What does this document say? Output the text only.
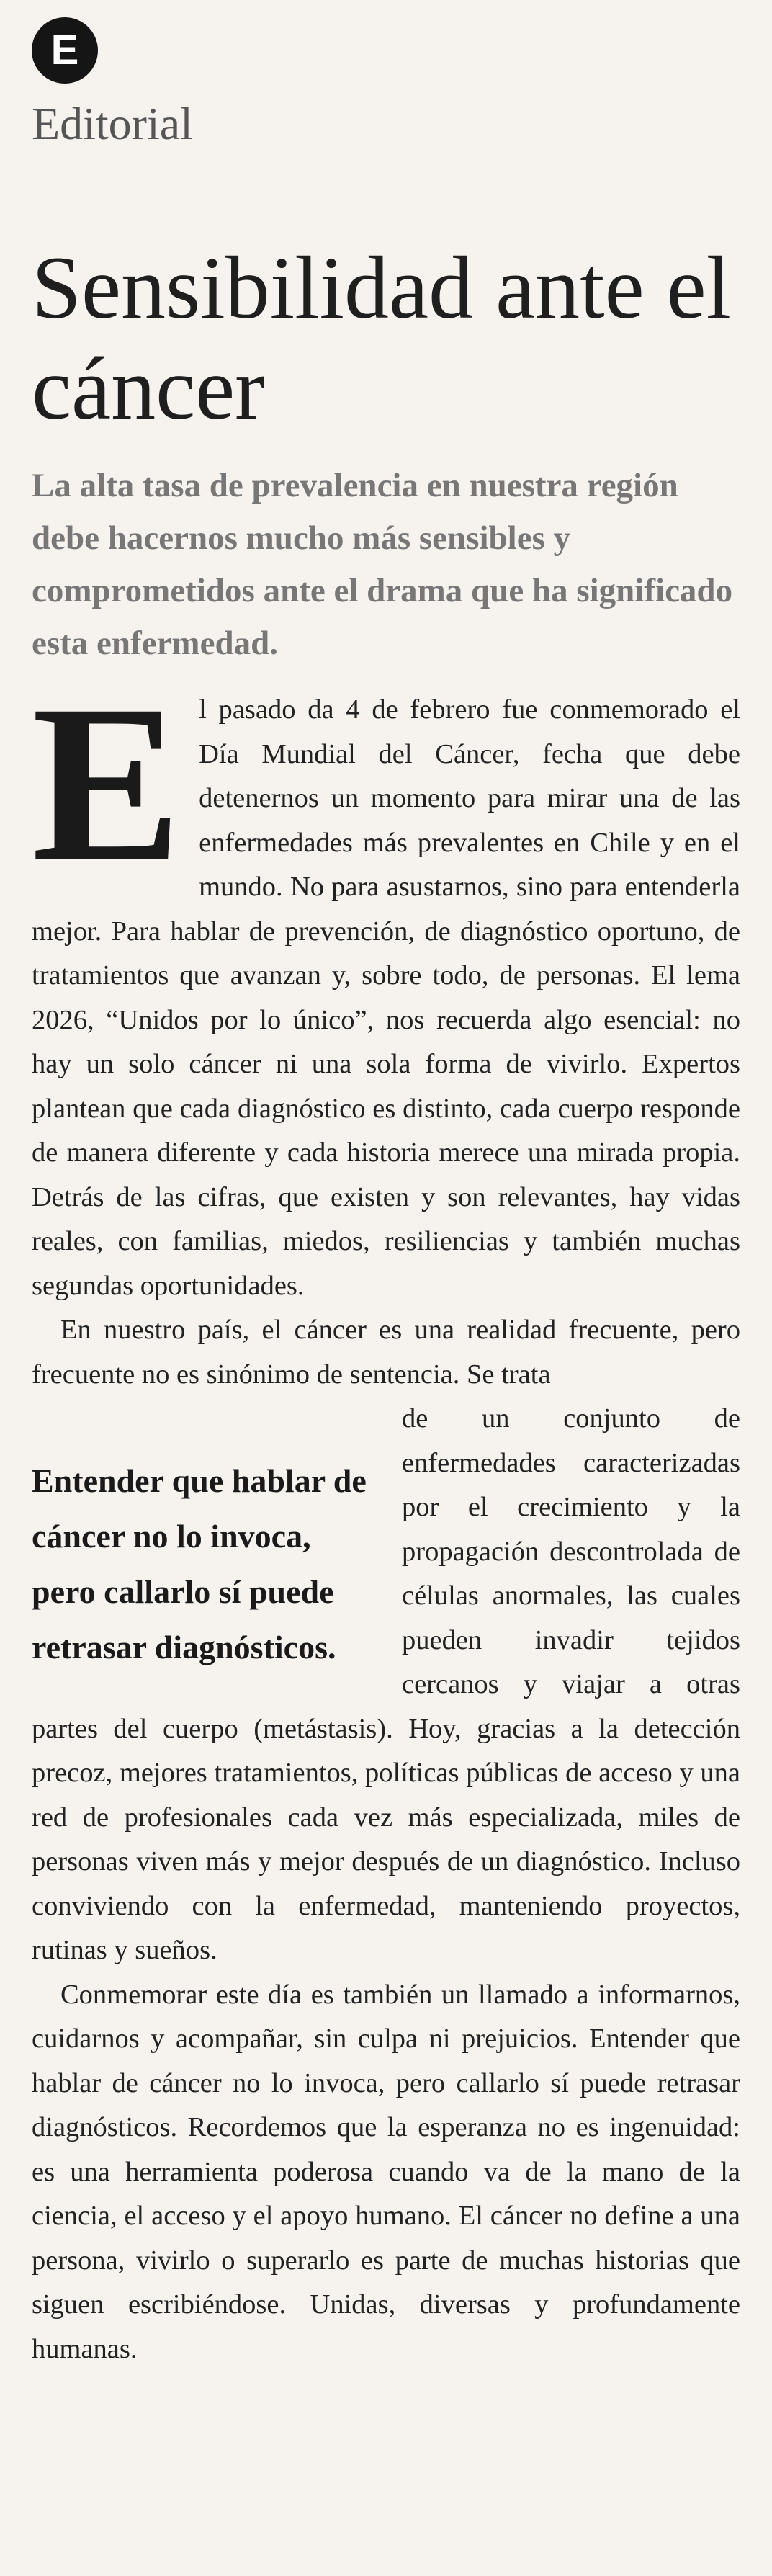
E
Editorial
Sensibilidad ante el cáncer

La alta tasa de prevalencia en nuestra región debe hacernos mucho más sensibles y comprometidos ante el drama que ha significado esta enfermedad.

E l pasado da 4 de febrero fue conmemorado el Día Mundial del Cáncer, fecha que debe detenernos un momento para mirar una de las enfermedades más prevalentes en Chile y en el mundo. No para asustarnos, sino para entenderla mejor. Para hablar de prevención, de diagnóstico oportuno, de tratamientos que avanzan y, sobre todo, de personas. El lema 2026, “Unidos por lo único”, nos recuerda algo esencial: no hay un solo cáncer ni una sola forma de vivirlo. Expertos plantean que cada diagnóstico es distinto, cada cuerpo responde de manera diferente y cada historia merece una mirada propia. Detrás de las cifras, que existen y son relevantes, hay vidas reales, con familias, miedos, resiliencias y también muchas segundas oportunidades.

En nuestro país, el cáncer es una realidad frecuente, pero frecuente no es sinónimo de sentencia. Se trata

Entender que hablar de cáncer no lo invoca, pero callarlo sí puede retrasar diagnósticos.

de un conjunto de enfermedades caracterizadas por el crecimiento y la propagación descontrolada de células anormales, las cuales pueden invadir tejidos cercanos y viajar a otras partes del cuerpo (metástasis). Hoy, gracias a la detección precoz, mejores tratamientos, políticas públicas de acceso y una red de profesionales cada vez más especializada, miles de personas viven más y mejor después de un diagnóstico. Incluso conviviendo con la enfermedad, manteniendo proyectos, rutinas y sueños.

Conmemorar este día es también un llamado a informarnos, cuidarnos y acompañar, sin culpa ni prejuicios. Entender que hablar de cáncer no lo invoca, pero callarlo sí puede retrasar diagnósticos. Recordemos que la esperanza no es ingenuidad: es una herramienta poderosa cuando va de la mano de la ciencia, el acceso y el apoyo humano. El cáncer no define a una persona, vivirlo o superarlo es parte de muchas historias que siguen escribiéndose. Unidas, diversas y profundamente humanas.
